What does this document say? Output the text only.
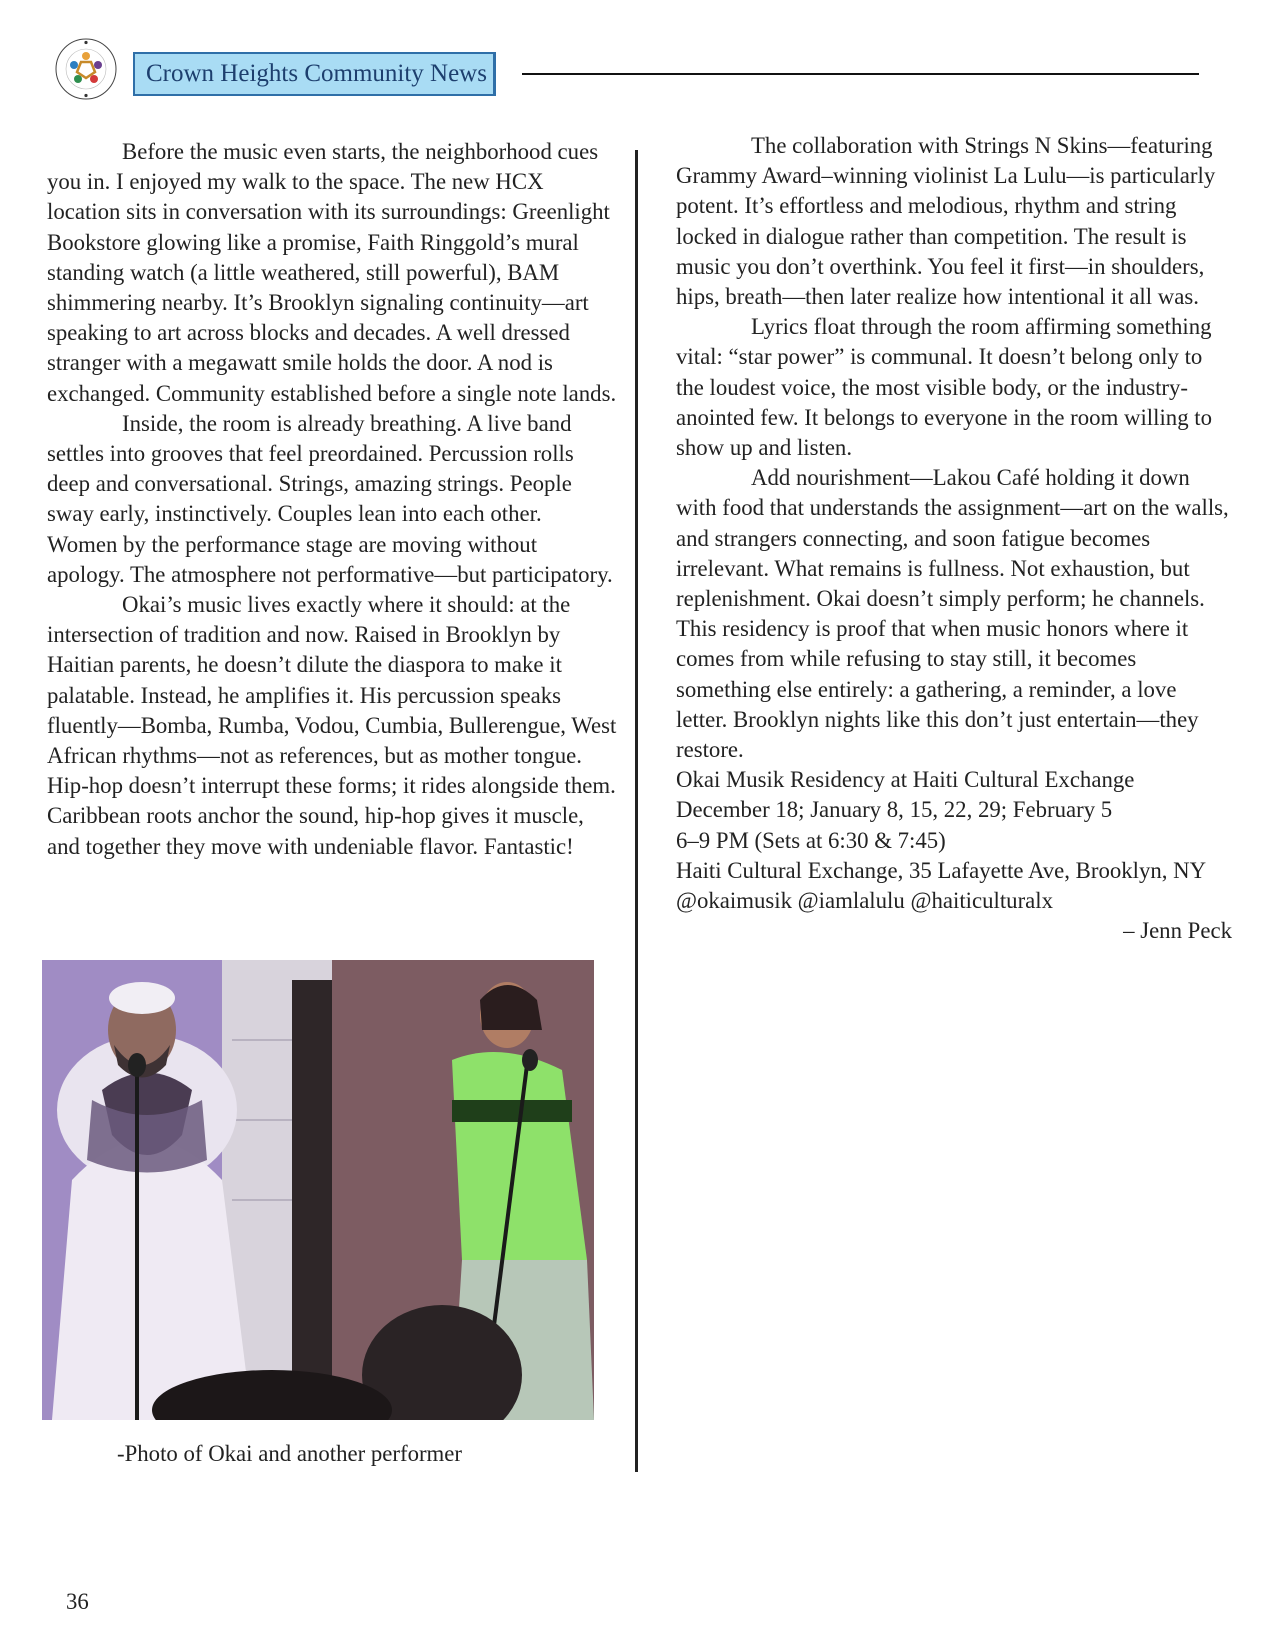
Crown Heights Community News

Before the music even starts, the neighborhood cues you in. I enjoyed my walk to the space. The new HCX location sits in conversation with its surroundings: Greenlight Bookstore glowing like a promise, Faith Ringgold’s mural standing watch (a little weathered, still powerful), BAM shimmering nearby. It’s Brooklyn signaling continuity—art speaking to art across blocks and decades. A well dressed stranger with a megawatt smile holds the door. A nod is exchanged. Community established before a single note lands.

Inside, the room is already breathing. A live band settles into grooves that feel preordained. Percussion rolls deep and conversational. Strings, amazing strings. People sway early, instinctively. Couples lean into each other. Women by the performance stage are moving without apology. The atmosphere not performative—but participatory.

Okai’s music lives exactly where it should: at the intersection of tradition and now. Raised in Brooklyn by Haitian parents, he doesn’t dilute the diaspora to make it palatable. Instead, he amplifies it. His percussion speaks fluently—Bomba, Rumba, Vodou, Cumbia, Bullerengue, West African rhythms—not as references, but as mother tongue. Hip-hop doesn’t interrupt these forms; it rides alongside them. Caribbean roots anchor the sound, hip-hop gives it muscle, and together they move with undeniable flavor. Fantastic!

-Photo of Okai and another performer

The collaboration with Strings N Skins—featuring Grammy Award–winning violinist La Lulu—is particularly potent. It’s effortless and melodious, rhythm and string locked in dialogue rather than competition. The result is music you don’t overthink. You feel it first—in shoulders, hips, breath—then later realize how intentional it all was.

Lyrics float through the room affirming something vital: “star power” is communal. It doesn’t belong only to the loudest voice, the most visible body, or the industry-anointed few. It belongs to everyone in the room willing to show up and listen.

Add nourishment—Lakou Café holding it down with food that understands the assignment—art on the walls, and strangers connecting, and soon fatigue becomes irrelevant. What remains is fullness. Not exhaustion, but replenishment. Okai doesn’t simply perform; he channels. This residency is proof that when music honors where it comes from while refusing to stay still, it becomes something else entirely: a gathering, a reminder, a love letter. Brooklyn nights like this don’t just entertain—they restore.

Okai Musik Residency at Haiti Cultural Exchange

December 18; January 8, 15, 22, 29; February 5

6–9 PM (Sets at 6:30 & 7:45)

Haiti Cultural Exchange, 35 Lafayette Ave, Brooklyn, NY

@okaimusik @iamlalulu @haiticulturalx

– Jenn Peck

36
